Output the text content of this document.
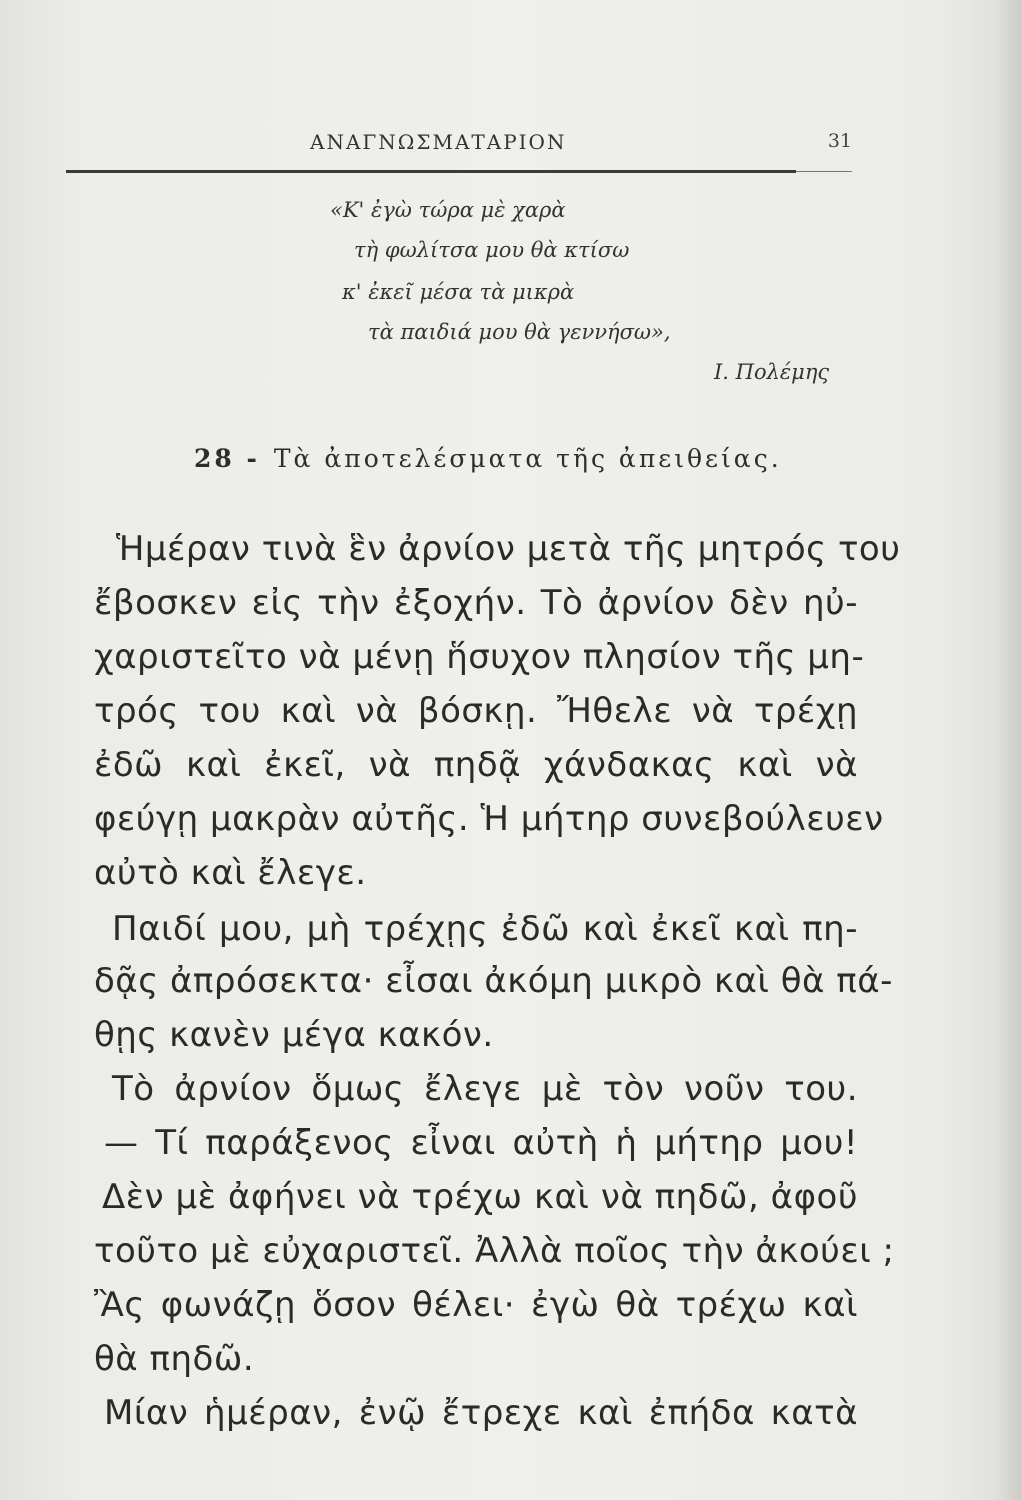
ΑΝΑΓΝΩΣΜΑΤΑΡΙΟΝ	31
«Κ' ἐγὼ τώρα μὲ χαρὰ
τὴ φωλίτσα μου θὰ κτίσω
κ' ἐκεῖ μέσα τὰ μικρὰ
τὰ παιδιά μου θὰ γεννήσω»,
Ι. Πολέμης
28 - Τὰ ἀποτελέσματα τῆς ἀπειθείας.
Ἡμέραν τινὰ ἓν ἀρνίον μετὰ τῆς μητρός του
ἔβοσκεν εἰς τὴν ἐξοχήν. Τὸ ἀρνίον δὲν ηὐ-
χαριστεῖτο νὰ μένῃ ἥσυχον πλησίον τῆς μη-
τρός του καὶ νὰ βόσκῃ. Ἤθελε νὰ τρέχῃ
ἐδῶ καὶ ἐκεῖ, νὰ πηδᾷ χάνδακας καὶ νὰ
φεύγῃ μακρὰν αὐτῆς. Ἡ μήτηρ συνεβούλευεν
αὐτὸ καὶ ἔλεγε.
Παιδί μου, μὴ τρέχῃς ἐδῶ καὶ ἐκεῖ καὶ πη-
δᾷς ἀπρόσεκτα· εἶσαι ἀκόμη μικρὸ καὶ θὰ πά-
θῃς κανὲν μέγα κακόν.
Τὸ ἀρνίον ὅμως ἔλεγε μὲ τὸν νοῦν του.
— Τί παράξενος εἶναι αὐτὴ ἡ μήτηρ μου!
Δὲν μὲ ἀφήνει νὰ τρέχω καὶ νὰ πηδῶ, ἀφοῦ
τοῦτο μὲ εὐχαριστεῖ. Ἀλλὰ ποῖος τὴν ἀκούει ;
Ἂς φωνάζῃ ὅσον θέλει· ἐγὼ θὰ τρέχω καὶ
θὰ πηδῶ.
Μίαν ἡμέραν, ἐνῷ ἔτρεχε καὶ ἐπήδα κατὰ
